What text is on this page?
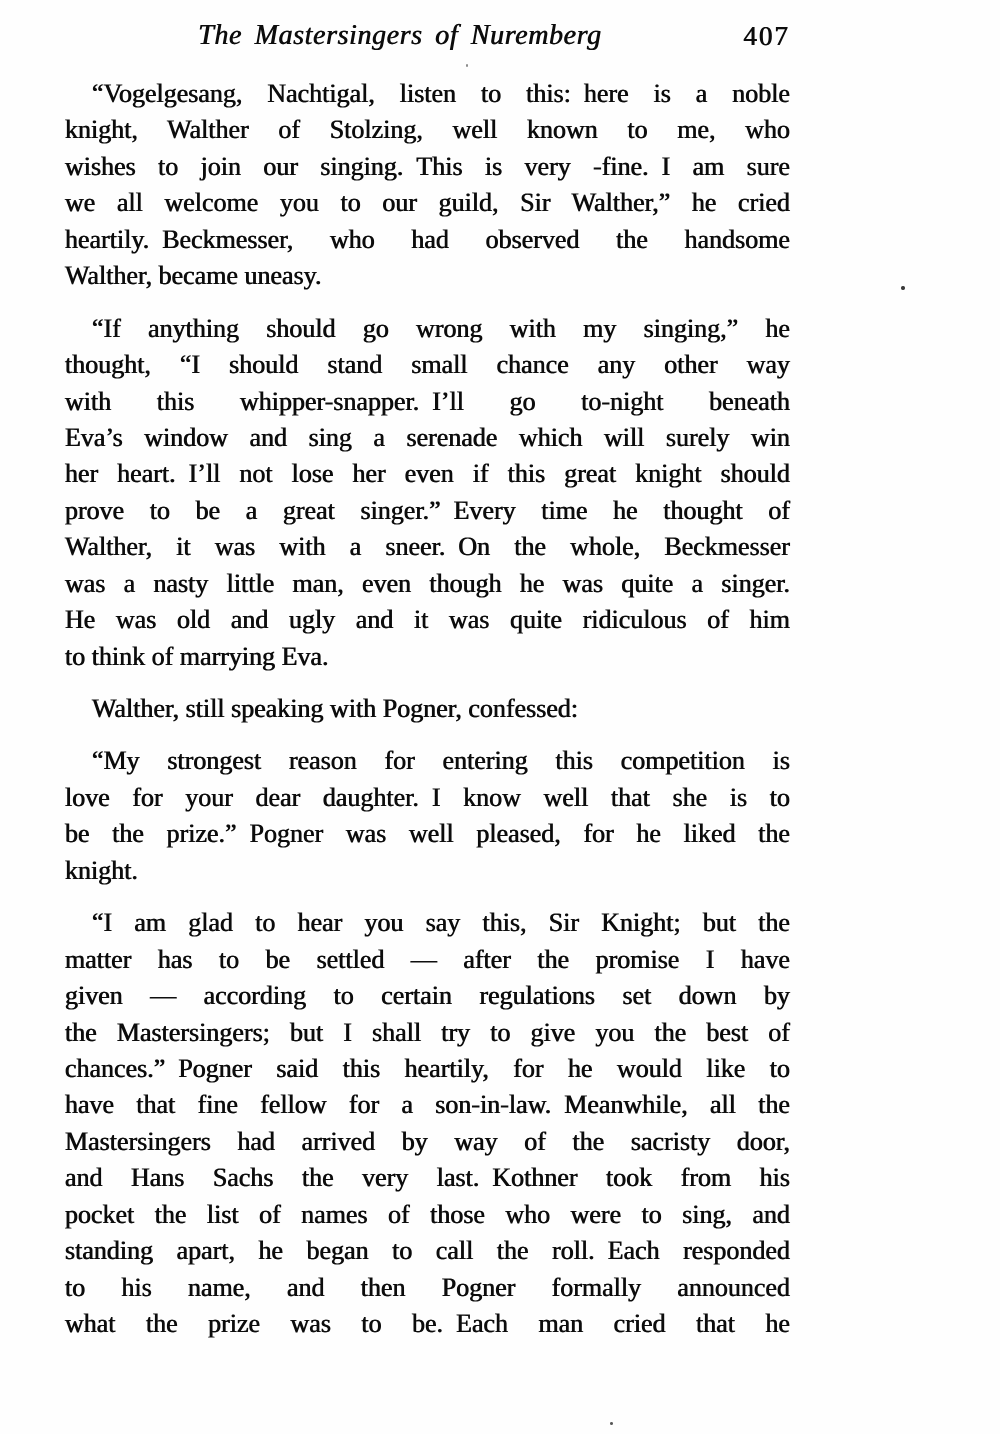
The Mastersingers of Nuremberg	407

“Vogelgesang, Nachtigal, listen to this: here is a noble
knight, Walther of Stolzing, well known to me, who
wishes to join our singing. This is very -fine. I am sure
we all welcome you to our guild, Sir Walther,” he cried
heartily. Beckmesser, who had observed the handsome
Walther, became uneasy.

“If anything should go wrong with my singing,” he
thought, “I should stand small chance any other way
with this whipper-snapper. I’ll go to-night beneath
Eva’s window and sing a serenade which will surely win
her heart. I’ll not lose her even if this great knight should
prove to be a great singer.” Every time he thought of
Walther, it was with a sneer. On the whole, Beckmesser
was a nasty little man, even though he was quite a singer.
He was old and ugly and it was quite ridiculous of him
to think of marrying Eva.

Walther, still speaking with Pogner, confessed:

“My strongest reason for entering this competition is
love for your dear daughter. I know well that she is to
be the prize.” Pogner was well pleased, for he liked the
knight.

“I am glad to hear you say this, Sir Knight; but the
matter has to be settled — after the promise I have
given — according to certain regulations set down by
the Mastersingers; but I shall try to give you the best of
chances.” Pogner said this heartily, for he would like to
have that fine fellow for a son-in-law. Meanwhile, all the
Mastersingers had arrived by way of the sacristy door,
and Hans Sachs the very last. Kothner took from his
pocket the list of names of those who were to sing, and
standing apart, he began to call the roll. Each responded
to his name, and then Pogner formally announced
what the prize was to be. Each man cried that he
